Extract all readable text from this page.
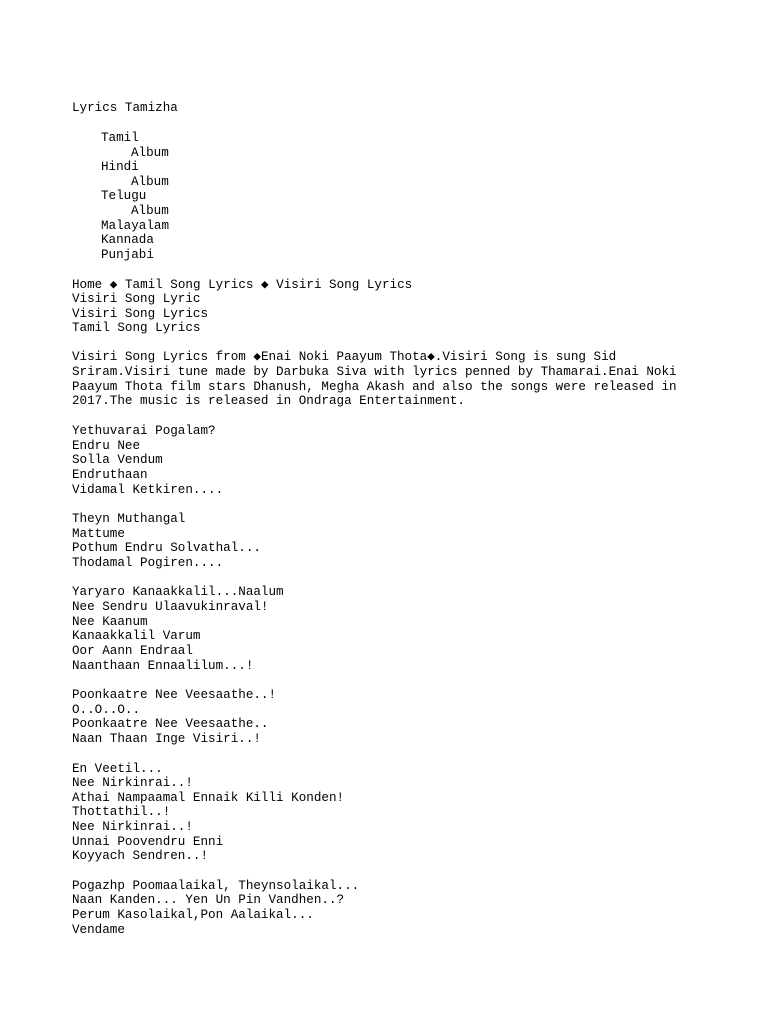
Lyrics Tamizha
Tamil
Album
Hindi
Album
Telugu
Album
Malayalam
Kannada
Punjabi
Home ◆ Tamil Song Lyrics ◆ Visiri Song Lyrics
Visiri Song Lyric
Visiri Song Lyrics
Tamil Song Lyrics
Visiri Song Lyrics from ◆Enai Noki Paayum Thota◆.Visiri Song is sung Sid
Sriram.Visiri tune made by Darbuka Siva with lyrics penned by Thamarai.Enai Noki
Paayum Thota film stars Dhanush, Megha Akash and also the songs were released in
2017.The music is released in Ondraga Entertainment.
Yethuvarai Pogalam?
Endru Nee
Solla Vendum
Endruthaan
Vidamal Ketkiren....
Theyn Muthangal
Mattume
Pothum Endru Solvathal...
Thodamal Pogiren....
Yaryaro Kanaakkalil...Naalum
Nee Sendru Ulaavukinraval!
Nee Kaanum
Kanaakkalil Varum
Oor Aann Endraal
Naanthaan Ennaalilum...!
Poonkaatre Nee Veesaathe..!
O..O..O..
Poonkaatre Nee Veesaathe..
Naan Thaan Inge Visiri..!
En Veetil...
Nee Nirkinrai..!
Athai Nampaamal Ennaik Killi Konden!
Thottathil..!
Nee Nirkinrai..!
Unnai Poovendru Enni
Koyyach Sendren..!
Pogazhp Poomaalaikal, Theynsolaikal...
Naan Kanden... Yen Un Pin Vandhen..?
Perum Kasolaikal,Pon Aalaikal...
Vendame
